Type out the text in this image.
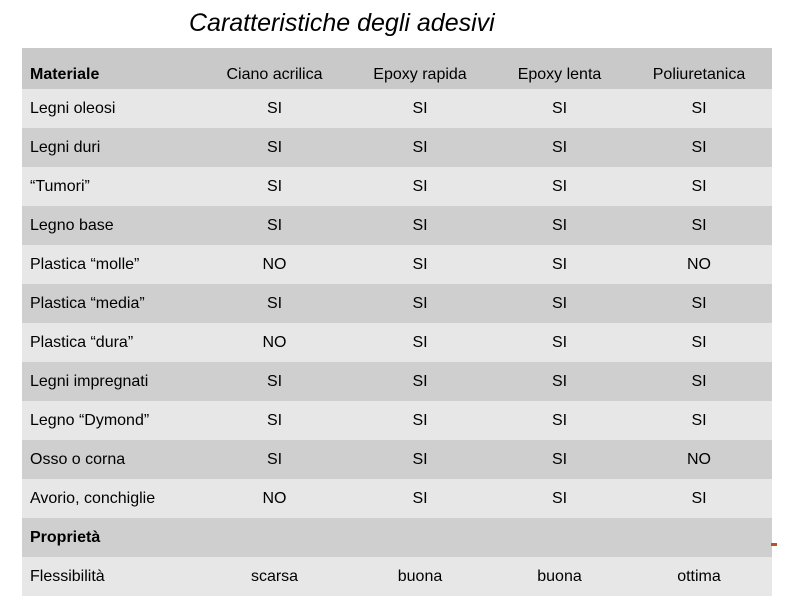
Caratteristiche degli adesivi
Materiale	Ciano acrilica	Epoxy rapida	Epoxy lenta	Poliuretanica
Legni oleosi	SI	SI	SI	SI
Legni duri	SI	SI	SI	SI
“Tumori”	SI	SI	SI	SI
Legno base	SI	SI	SI	SI
Plastica “molle”	NO	SI	SI	NO
Plastica “media”	SI	SI	SI	SI
Plastica “dura”	NO	SI	SI	SI
Legni impregnati	SI	SI	SI	SI
Legno “Dymond”	SI	SI	SI	SI
Osso o corna	SI	SI	SI	NO
Avorio, conchiglie	NO	SI	SI	SI
Proprietà
Flessibilità	scarsa	buona	buona	ottima
